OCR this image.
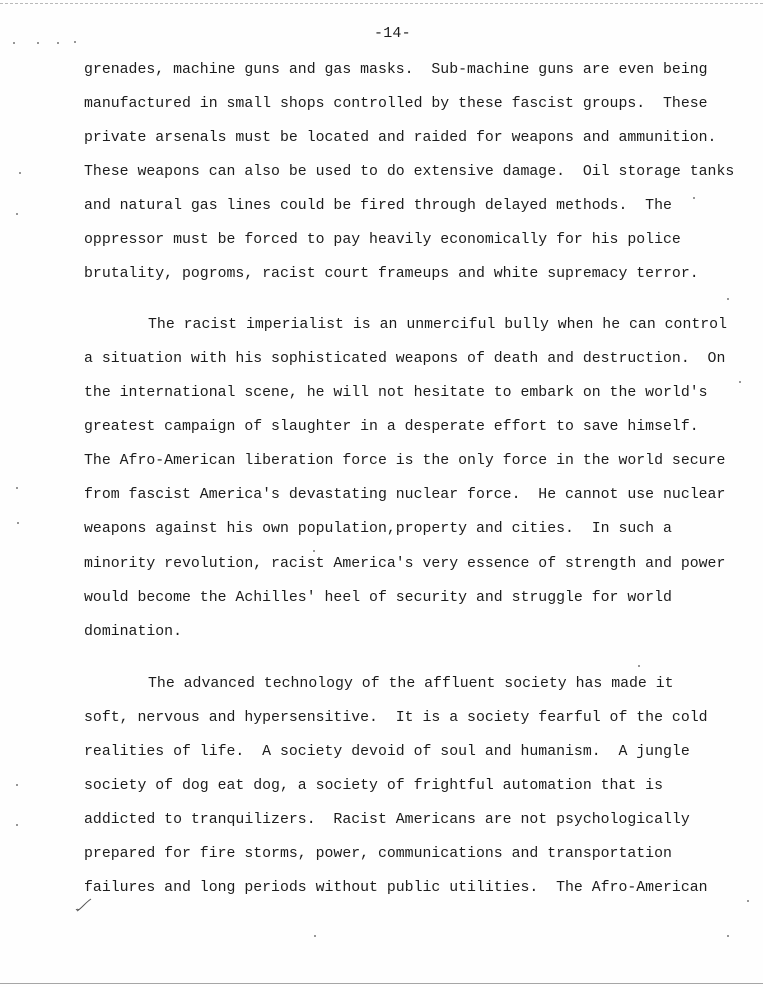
-14-
grenades, machine guns and gas masks.  Sub-machine guns are even being
manufactured in small shops controlled by these fascist groups.  These
private arsenals must be located and raided for weapons and ammunition.
These weapons can also be used to do extensive damage.  Oil storage tanks
and natural gas lines could be fired through delayed methods.  The
oppressor must be forced to pay heavily economically for his police
brutality, pogroms, racist court frameups and white supremacy terror.
The racist imperialist is an unmerciful bully when he can control
a situation with his sophisticated weapons of death and destruction.  On
the international scene, he will not hesitate to embark on the world's
greatest campaign of slaughter in a desperate effort to save himself.
The Afro-American liberation force is the only force in the world secure
from fascist America's devastating nuclear force.  He cannot use nuclear
weapons against his own population,property and cities.  In such a
minority revolution, racist America's very essence of strength and power
would become the Achilles' heel of security and struggle for world
domination.
The advanced technology of the affluent society has made it
soft, nervous and hypersensitive.  It is a society fearful of the cold
realities of life.  A society devoid of soul and humanism.  A jungle
society of dog eat dog, a society of frightful automation that is
addicted to tranquilizers.  Racist Americans are not psychologically
prepared for fire storms, power, communications and transportation
failures and long periods without public utilities.  The Afro-American
